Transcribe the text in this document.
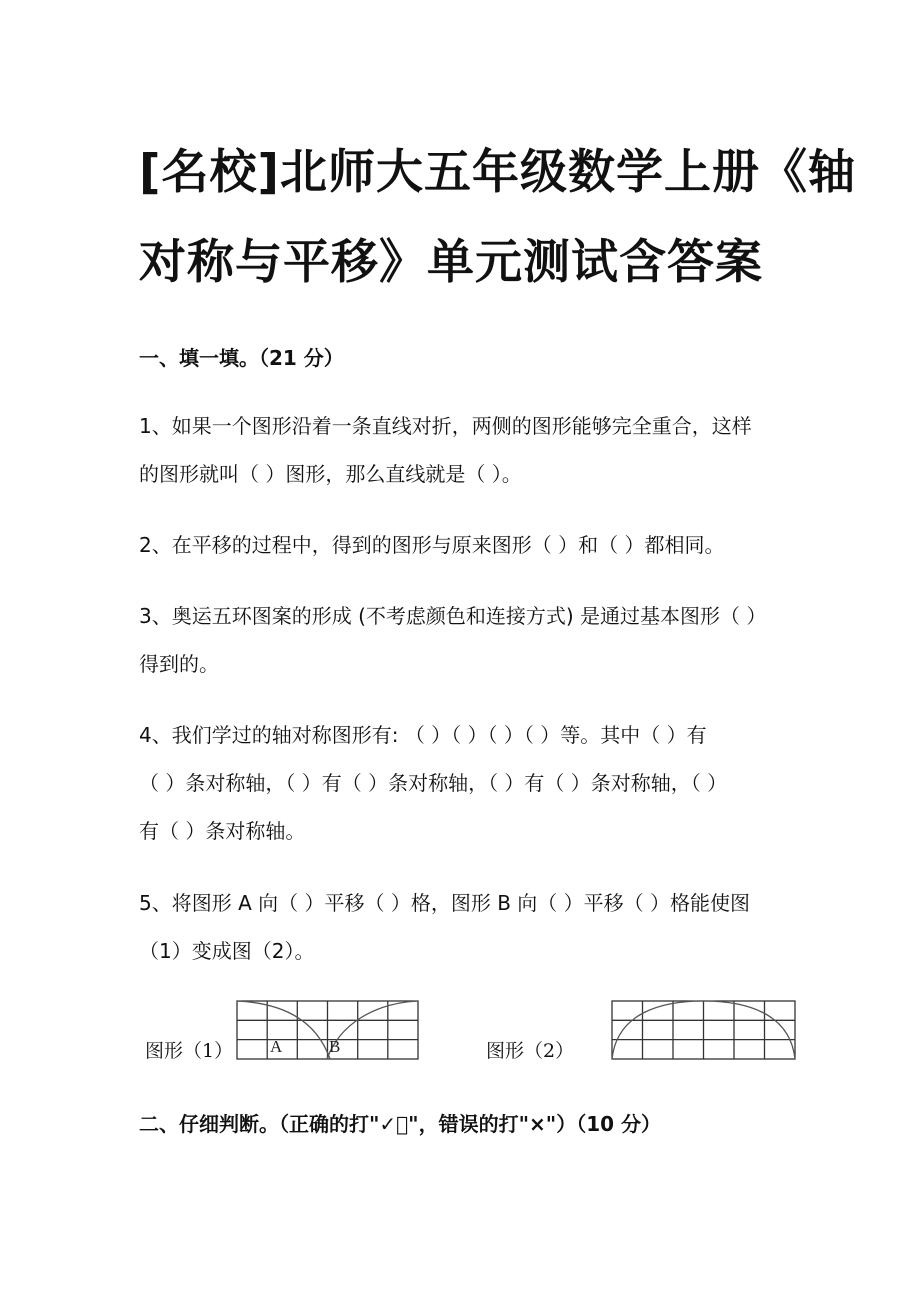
[名校]北师大五年级数学上册《轴
对称与平移》单元测试含答案
一、填一填。（21 分）
1、如果一个图形沿着一条直线对折，两侧的图形能够完全重合，这样
的图形就叫（ ）图形，那么直线就是（ ）。
2、在平移的过程中，得到的图形与原来图形（ ）和（ ）都相同。
3、奥运五环图案的形成 (不考虑颜色和连接方式) 是通过基本图形（ ）
得到的。
4、我们学过的轴对称图形有: （ ）（ ）（ ）（ ）等。其中（ ）有
（ ）条对称轴，（ ）有（ ）条对称轴，（ ）有（ ）条对称轴，（ ）
有（ ）条对称轴。
5、将图形 A 向（ ）平移（ ）格，图形 B 向（ ）平移（ ）格能使图
（1）变成图（2）。
图形（1） A	B	图形（2）
二、仔细判断。（正确的打"✓ "，错误的打"×"）（10 分）
